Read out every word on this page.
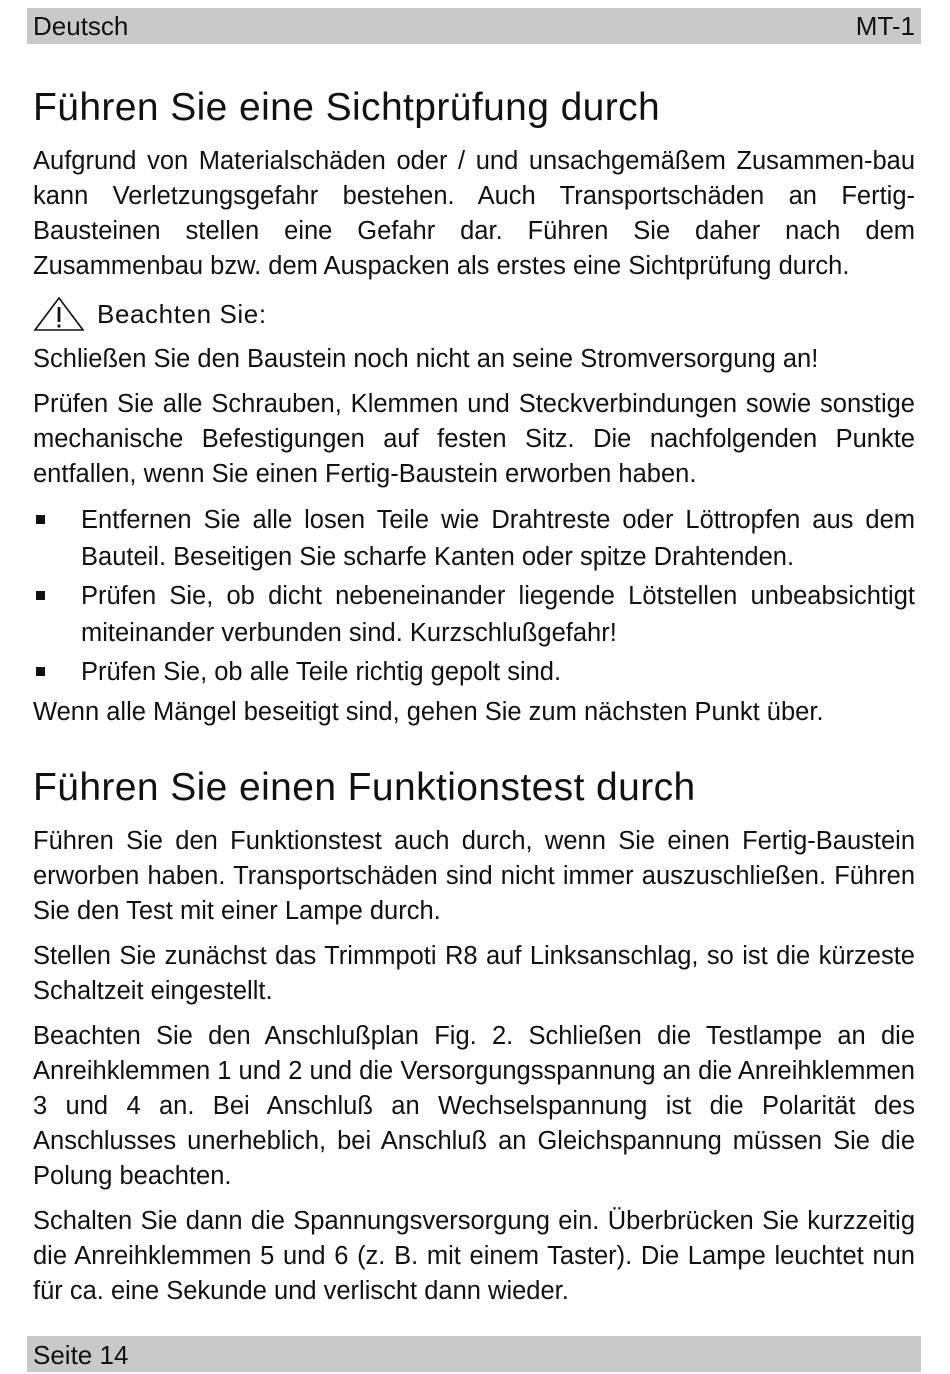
Deutsch	MT-1
Führen Sie eine Sichtprüfung durch

Aufgrund von Materialschäden oder / und unsachgemäßem Zusammen-bau kann Verletzungsgefahr bestehen. Auch Transportschäden an Fertig-Bausteinen stellen eine Gefahr dar. Führen Sie daher nach dem Zusammenbau bzw. dem Auspacken als erstes eine Sichtprüfung durch.

Beachten Sie:

Schließen Sie den Baustein noch nicht an seine Stromversorgung an!

Prüfen Sie alle Schrauben, Klemmen und Steckverbindungen sowie sonstige mechanische Befestigungen auf festen Sitz. Die nachfolgenden Punkte entfallen, wenn Sie einen Fertig-Baustein erworben haben.

Entfernen Sie alle losen Teile wie Drahtreste oder Löttropfen aus dem Bauteil. Beseitigen Sie scharfe Kanten oder spitze Drahtenden.
Prüfen Sie, ob dicht nebeneinander liegende Lötstellen unbeabsichtigt miteinander verbunden sind. Kurzschlußgefahr!
Prüfen Sie, ob alle Teile richtig gepolt sind.

Wenn alle Mängel beseitigt sind, gehen Sie zum nächsten Punkt über.

Führen Sie einen Funktionstest durch

Führen Sie den Funktionstest auch durch, wenn Sie einen Fertig-Baustein erworben haben. Transportschäden sind nicht immer auszuschließen. Führen Sie den Test mit einer Lampe durch.

Stellen Sie zunächst das Trimmpoti R8 auf Linksanschlag, so ist die kürzeste Schaltzeit eingestellt.

Beachten Sie den Anschlußplan Fig. 2. Schließen die Testlampe an die Anreihklemmen 1 und 2 und die Versorgungsspannung an die Anreihklemmen 3 und 4 an. Bei Anschluß an Wechselspannung ist die Polarität des Anschlusses unerheblich, bei Anschluß an Gleichspannung müssen Sie die Polung beachten.

Schalten Sie dann die Spannungsversorgung ein. Überbrücken Sie kurzzeitig die Anreihklemmen 5 und 6 (z. B. mit einem Taster). Die Lampe leuchtet nun für ca. eine Sekunde und verlischt dann wieder.

Seite 14
